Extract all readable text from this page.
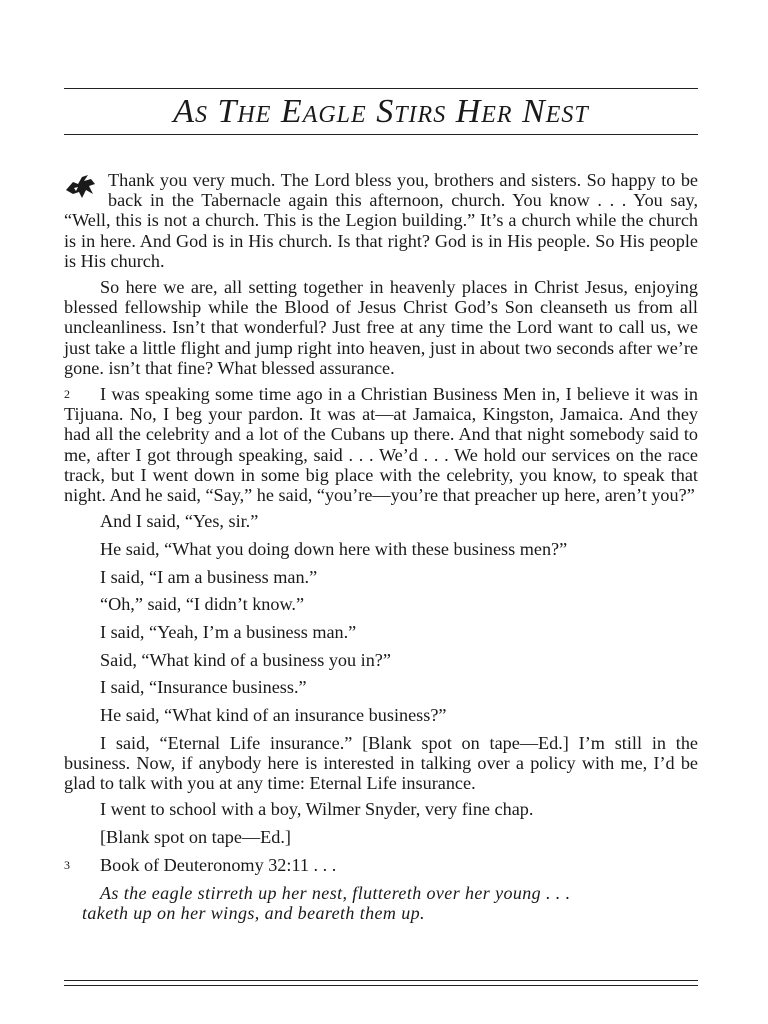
As The Eagle Stirs Her Nest

Thank you very much. The Lord bless you, brothers and sisters. So happy to be back in the Tabernacle again this afternoon, church. You know . . . You say, “Well, this is not a church. This is the Legion building.” It’s a church while the church is in here. And God is in His church. Is that right? God is in His people. So His people is His church.

So here we are, all setting together in heavenly places in Christ Jesus, enjoying blessed fellowship while the Blood of Jesus Christ God’s Son cleanseth us from all uncleanliness. Isn’t that wonderful? Just free at any time the Lord want to call us, we just take a little flight and jump right into heaven, just in about two seconds after we’re gone. isn’t that fine? What blessed assurance.

2 I was speaking some time ago in a Christian Business Men in, I believe it was in Tijuana. No, I beg your pardon. It was at—at Jamaica, Kingston, Jamaica. And they had all the celebrity and a lot of the Cubans up there. And that night somebody said to me, after I got through speaking, said . . . We’d . . . We hold our services on the race track, but I went down in some big place with the celebrity, you know, to speak that night. And he said, “Say,” he said, “you’re—you’re that preacher up here, aren’t you?”

And I said, “Yes, sir.”

He said, “What you doing down here with these business men?”

I said, “I am a business man.”

“Oh,” said, “I didn’t know.”

I said, “Yeah, I’m a business man.”

Said, “What kind of a business you in?”

I said, “Insurance business.”

He said, “What kind of an insurance business?”

I said, “Eternal Life insurance.” [Blank spot on tape—Ed.] I’m still in the business. Now, if anybody here is interested in talking over a policy with me, I’d be glad to talk with you at any time: Eternal Life insurance.

I went to school with a boy, Wilmer Snyder, very fine chap.

[Blank spot on tape—Ed.]

3 Book of Deuteronomy 32:11 . . .

As the eagle stirreth up her nest, fluttereth over her young . . .
taketh up on her wings, and beareth them up.
